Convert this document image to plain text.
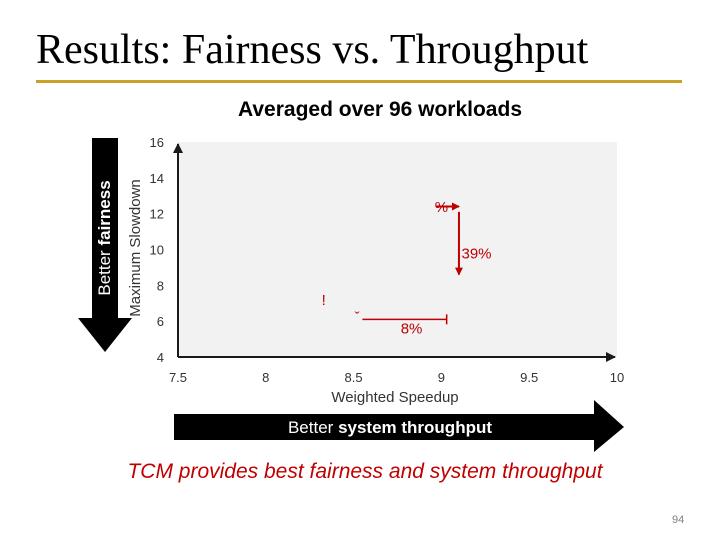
Results: Fairness vs. Throughput
Averaged over 96 workloads
Better fairness
Better system throughput
7.5	8	8.5	9	9.5	10
4
6
8
10
12
14
16
Weighted Speedup
Maximum Slowdown	%
39%
8%
!
ˇ
TCM provides best fairness and system throughput
94
